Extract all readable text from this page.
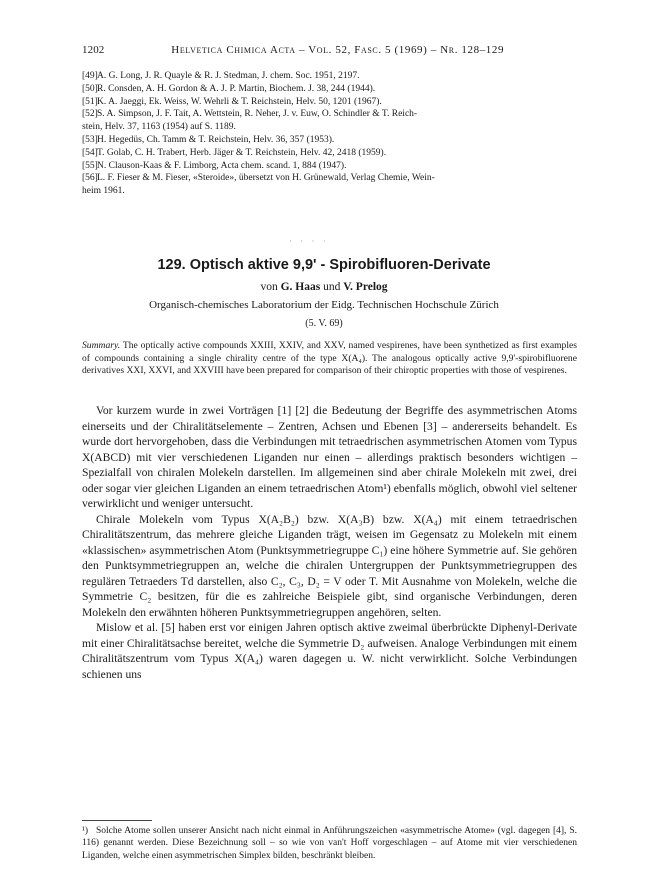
1202	Helvetica Chimica Acta – Vol. 52, Fasc. 5 (1969) – Nr. 128–129
[49] A. G. Long, J. R. Quayle & R. J. Stedman, J. chem. Soc. 1951, 2197.
[50] R. Consden, A. H. Gordon & A. J. P. Martin, Biochem. J. 38, 244 (1944).
[51] K. A. Jaeggi, Ek. Weiss, W. Wehrli & T. Reichstein, Helv. 50, 1201 (1967).
[52] S. A. Simpson, J. F. Tait, A. Wettstein, R. Neher, J. v. Euw, O. Schindler & T. Reich-
stein, Helv. 37, 1163 (1954) auf S. 1189.
[53] H. Hegedüs, Ch. Tamm & T. Reichstein, Helv. 36, 357 (1953).
[54] T. Golab, C. H. Trabert, Herb. Jäger & T. Reichstein, Helv. 42, 2418 (1959).
[55] N. Clauson-Kaas & F. Limborg, Acta chem. scand. 1, 884 (1947).
[56] L. F. Fieser & M. Fieser, «Steroide», übersetzt von H. Grünewald, Verlag Chemie, Wein-
heim 1961.
· · · ·
129. Optisch aktive 9,9' - Spirobifluoren-Derivate
von G. Haas und V. Prelog
Organisch-chemisches Laboratorium der Eidg. Technischen Hochschule Zürich
(5. V. 69)
Summary. The optically active compounds XXIII, XXIV, and XXV, named vespirenes, have been synthetized as first examples of compounds containing a single chirality centre of the type X(A₄). The analogous optically active 9,9'-spirobifluorene derivatives XXI, XXVI, and XXVIII have been prepared for comparison of their chiroptic properties with those of vespirenes.

Vor kurzem wurde in zwei Vorträgen [1] [2] die Bedeutung der Begriffe des asymmetrischen Atoms einerseits und der Chiralitätselemente – Zentren, Achsen und Ebenen [3] – andererseits behandelt. Es wurde dort hervorgehoben, dass die Verbindungen mit tetraedrischen asymmetrischen Atomen vom Typus X(ABCD) mit vier verschiedenen Liganden nur einen – allerdings praktisch besonders wichtigen – Spezialfall von chiralen Molekeln darstellen. Im allgemeinen sind aber chirale Molekeln mit zwei, drei oder sogar vier gleichen Liganden an einem tetraedrischen Atom¹) ebenfalls möglich, obwohl viel seltener verwirklicht und weniger untersucht.

Chirale Molekeln vom Typus X(A₂B₂) bzw. X(A₃B) bzw. X(A₄) mit einem tetraedrischen Chiralitätszentrum, das mehrere gleiche Liganden trägt, weisen im Gegensatz zu Molekeln mit einem «klassischen» asymmetrischen Atom (Punktsymmetriegruppe C₁) eine höhere Symmetrie auf. Sie gehören den Punktsymmetriegruppen an, welche die chiralen Untergruppen der Punktsymmetriegruppen des regulären Tetraeders Td darstellen, also C₂, C₃, D₂ = V oder T. Mit Ausnahme von Molekeln, welche die Symmetrie C₂ besitzen, für die es zahlreiche Beispiele gibt, sind organische Verbindungen, deren Molekeln den erwähnten höheren Punktsymmetriegruppen angehören, selten.

Mislow et al. [5] haben erst vor einigen Jahren optisch aktive zweimal überbrückte Diphenyl-Derivate mit einer Chiralitätsachse bereitet, welche die Symmetrie D₂ aufweisen. Analoge Verbindungen mit einem Chiralitätszentrum vom Typus X(A₄) waren dagegen u. W. nicht verwirklicht. Solche Verbindungen schienen uns

¹) Solche Atome sollen unserer Ansicht nach nicht einmal in Anführungszeichen «asymmetrische Atome» (vgl. dagegen [4], S. 116) genannt werden. Diese Bezeichnung soll – so wie von van't Hoff vorgeschlagen – auf Atome mit vier verschiedenen Liganden, welche einen asymmetrischen Simplex bilden, beschränkt bleiben.
